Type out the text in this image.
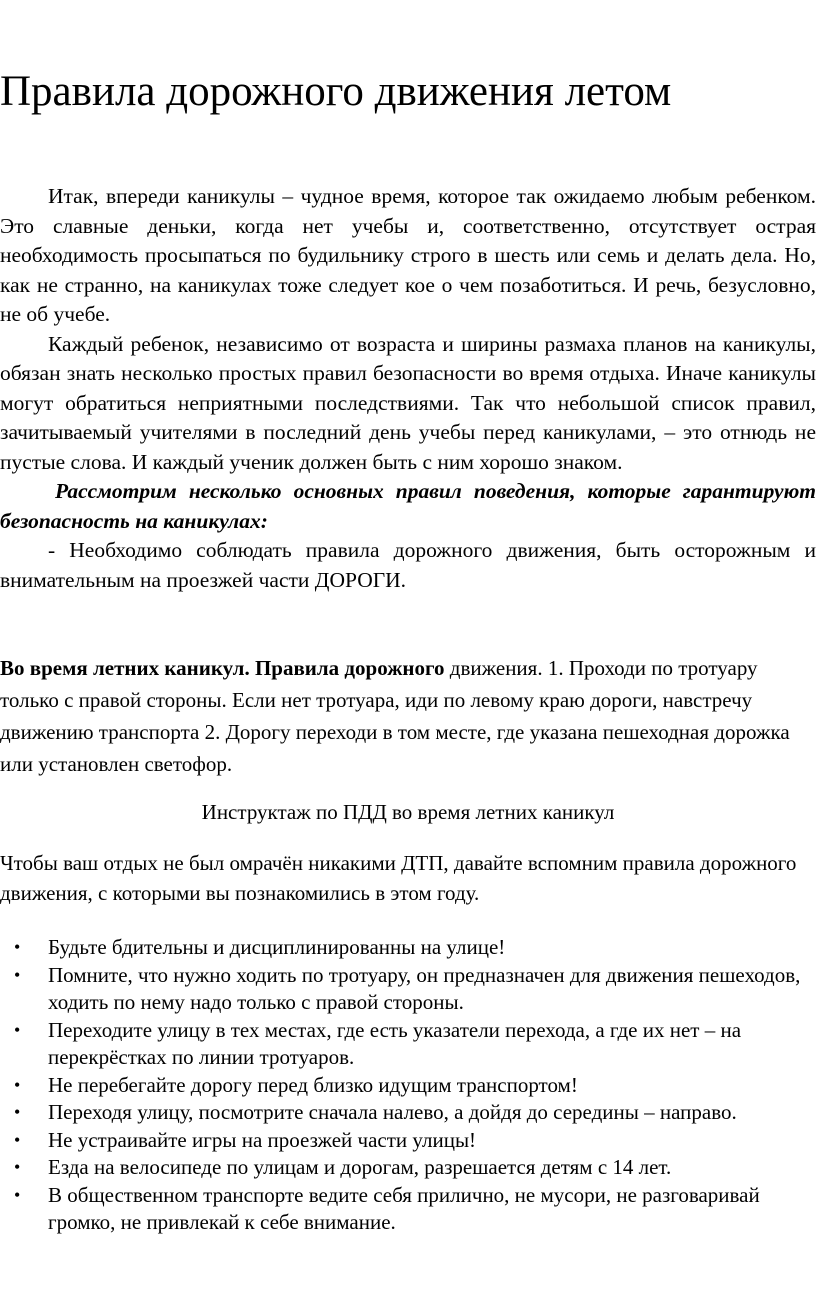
Правила дорожного движения летом

Итак, впереди каникулы – чудное время, которое так ожидаемо любым ребенком. Это славные деньки, когда нет учебы и, соответственно, отсутствует острая необходимость просыпаться по будильнику строго в шесть или семь и делать дела. Но, как не странно, на каникулах тоже следует кое о чем позаботиться. И речь, безусловно, не об учебе.

Каждый ребенок, независимо от возраста и ширины размаха планов на каникулы, обязан знать несколько простых правил безопасности во время отдыха. Иначе каникулы могут обратиться неприятными последствиями. Так что небольшой список правил, зачитываемый учителями в последний день учебы перед каникулами, – это отнюдь не пустые слова. И каждый ученик должен быть с ним хорошо знаком.

Рассмотрим несколько основных правил поведения, которые гарантируют безопасность на каникулах:

- Необходимо соблюдать правила дорожного движения, быть осторожным и внимательным на проезжей части ДОРОГИ.

Во время летних каникул. Правила дорожного движения. 1. Проходи по тротуару только с правой стороны. Если нет тротуара, иди по левому краю дороги, навстречу движению транспорта 2. Дорогу переходи в том месте, где указана пешеходная дорожка или установлен светофор.

Инструктаж по ПДД во время летних каникул

Чтобы ваш отдых не был омрачён никакими ДТП, давайте вспомним правила дорожного движения, с которыми вы познакомились в этом году.

• Будьте бдительны и дисциплинированны на улице!
• Помните, что нужно ходить по тротуару, он предназначен для движения пешеходов, ходить по нему надо только с правой стороны.
• Переходите улицу в тех местах, где есть указатели перехода, а где их нет – на перекрёстках по линии тротуаров.
• Не перебегайте дорогу перед близко идущим транспортом!
• Переходя улицу, посмотрите сначала налево, а дойдя до середины – направо.
• Не устраивайте игры на проезжей части улицы!
• Езда на велосипеде по улицам и дорогам, разрешается детям с 14 лет.
• В общественном транспорте ведите себя прилично, не мусори, не разговаривай громко, не привлекай к себе внимание.
